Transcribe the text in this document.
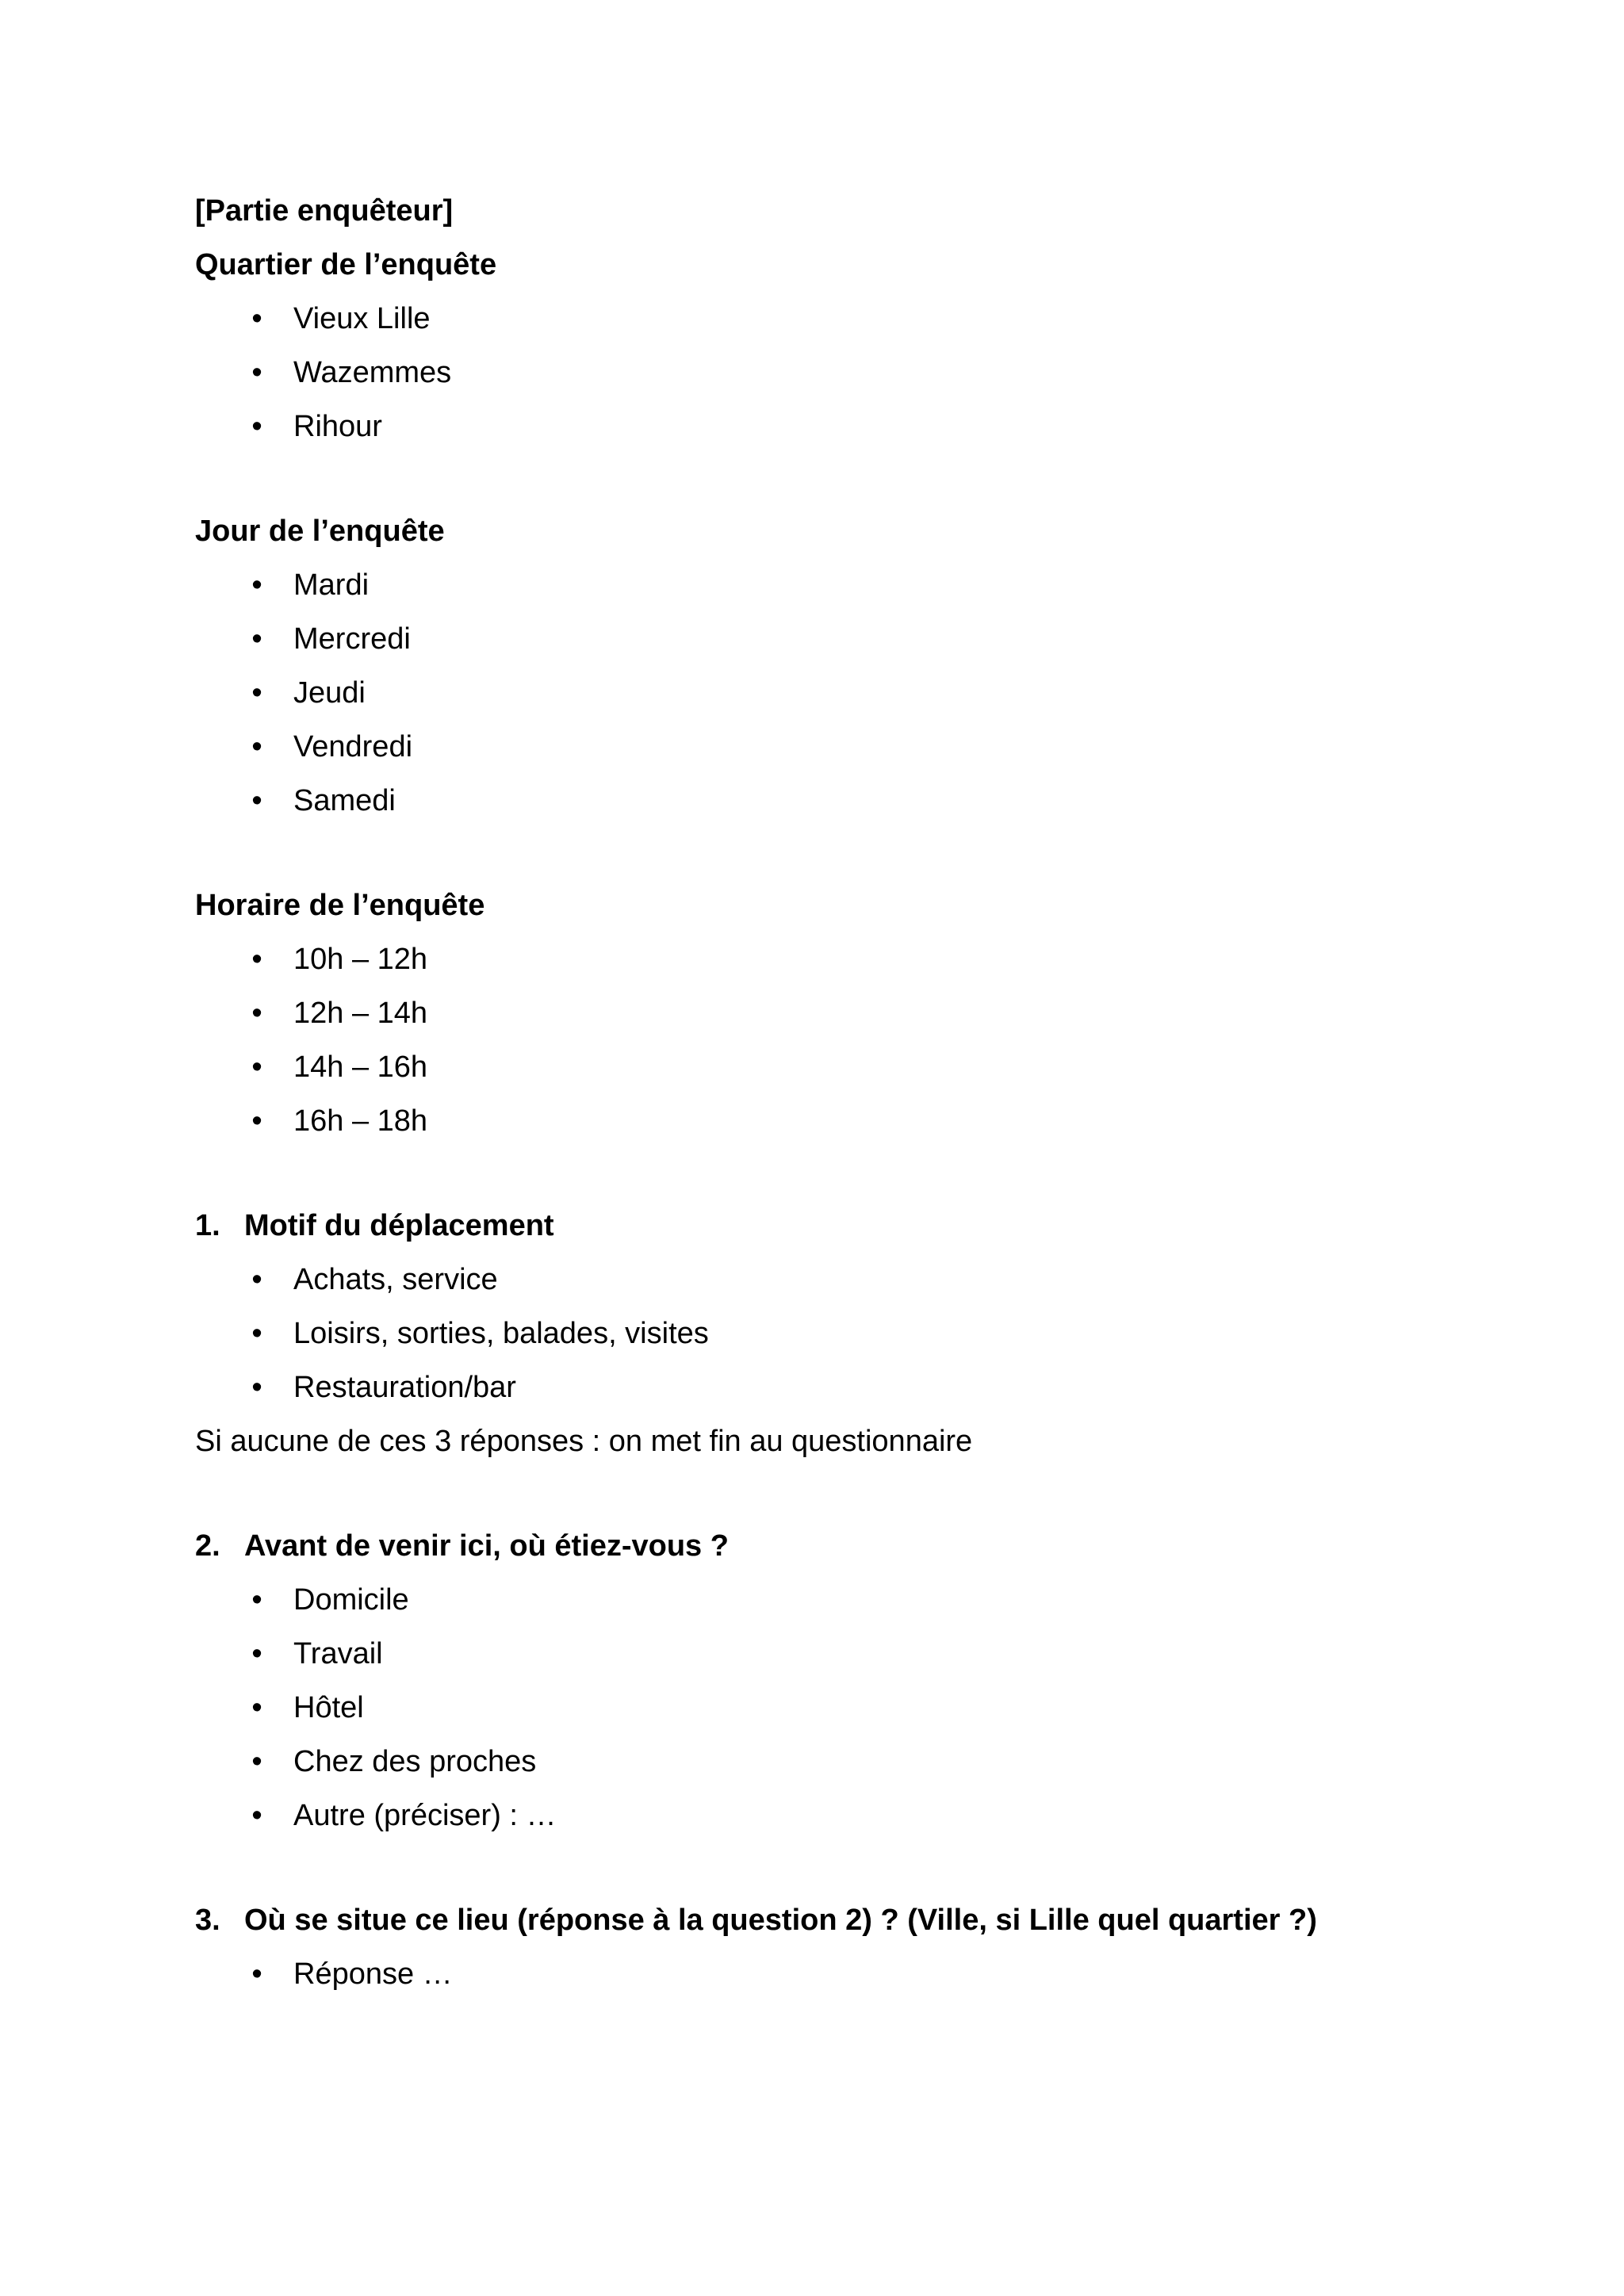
[Partie enquêteur]

Quartier de l’enquête

• Vieux Lille
• Wazemmes
• Rihour

Jour de l’enquête

• Mardi
• Mercredi
• Jeudi
• Vendredi
• Samedi

Horaire de l’enquête

• 10h – 12h
• 12h – 14h
• 14h – 16h
• 16h – 18h

1. Motif du déplacement

• Achats, service
• Loisirs, sorties, balades, visites
• Restauration/bar

Si aucune de ces 3 réponses : on met fin au questionnaire

2. Avant de venir ici, où étiez-vous ?

• Domicile
• Travail
• Hôtel
• Chez des proches
• Autre (préciser) : …

3. Où se situe ce lieu (réponse à la question 2) ? (Ville, si Lille quel quartier ?)

• Réponse …
